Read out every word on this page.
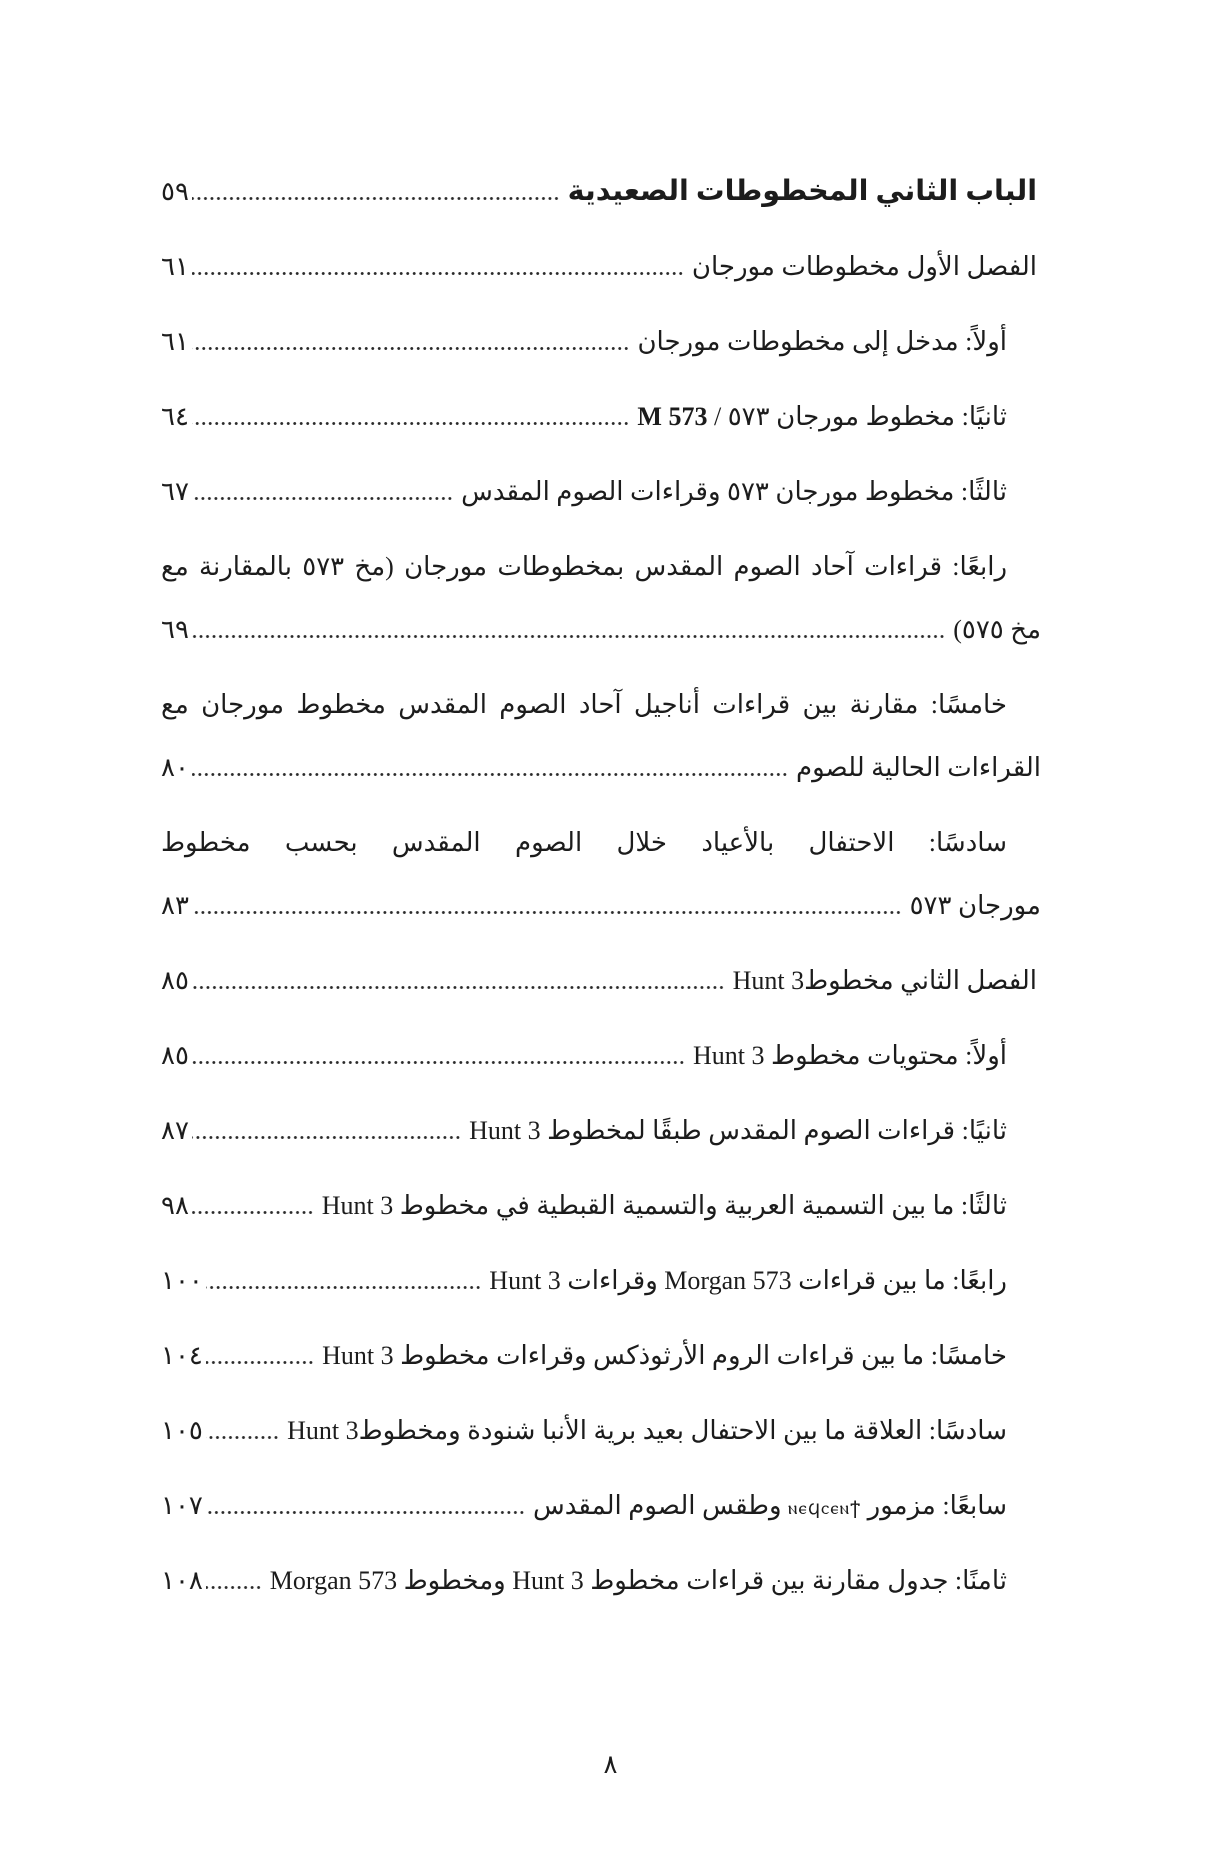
الباب الثاني المخطوطات الصعيدية
٥٩
الفصل الأول مخطوطات مورجان
٦١
أولاً: مدخل إلى مخطوطات مورجان
٦١
ثانيًا: مخطوط مورجان ٥٧٣ / M 573
٦٤
ثالثًا: مخطوط مورجان ٥٧٣ وقراءات الصوم المقدس
٦٧
رابعًا: قراءات آحاد الصوم المقدس بمخطوطات مورجان (مخ ٥٧٣ بالمقارنة مع
مخ ٥٧٥)
٦٩
خامسًا: مقارنة بين قراءات أناجيل آحاد الصوم المقدس مخطوط مورجان مع
القراءات الحالية للصوم
٨٠
سادسًا: الاحتفال بالأعياد خلال الصوم المقدس بحسب مخطوط
مورجان ٥٧٣
٨٣
الفصل الثاني مخطوطHunt 3
٨٥
أولاً: محتويات مخطوط Hunt 3
٨٥
ثانيًا: قراءات الصوم المقدس طبقًا لمخطوط Hunt 3
٨٧
ثالثًا: ما بين التسمية العربية والتسمية القبطية في مخطوط Hunt 3
٩٨
رابعًا: ما بين قراءات Morgan 573 وقراءات Hunt 3
١٠٠
خامسًا: ما بين قراءات الروم الأرثوذكس وقراءات مخطوط Hunt 3
١٠٤
سادسًا: العلاقة ما بين الاحتفال بعيد برية الأنبا شنودة ومخطوطHunt 3
١٠٥
سابعًا: مزمور ⲛⲉϥⲥⲉⲛϯ وطقس الصوم المقدس
١٠٧
ثامنًا: جدول مقارنة بين قراءات مخطوط Hunt 3 ومخطوط Morgan 573
١٠٨
٨
